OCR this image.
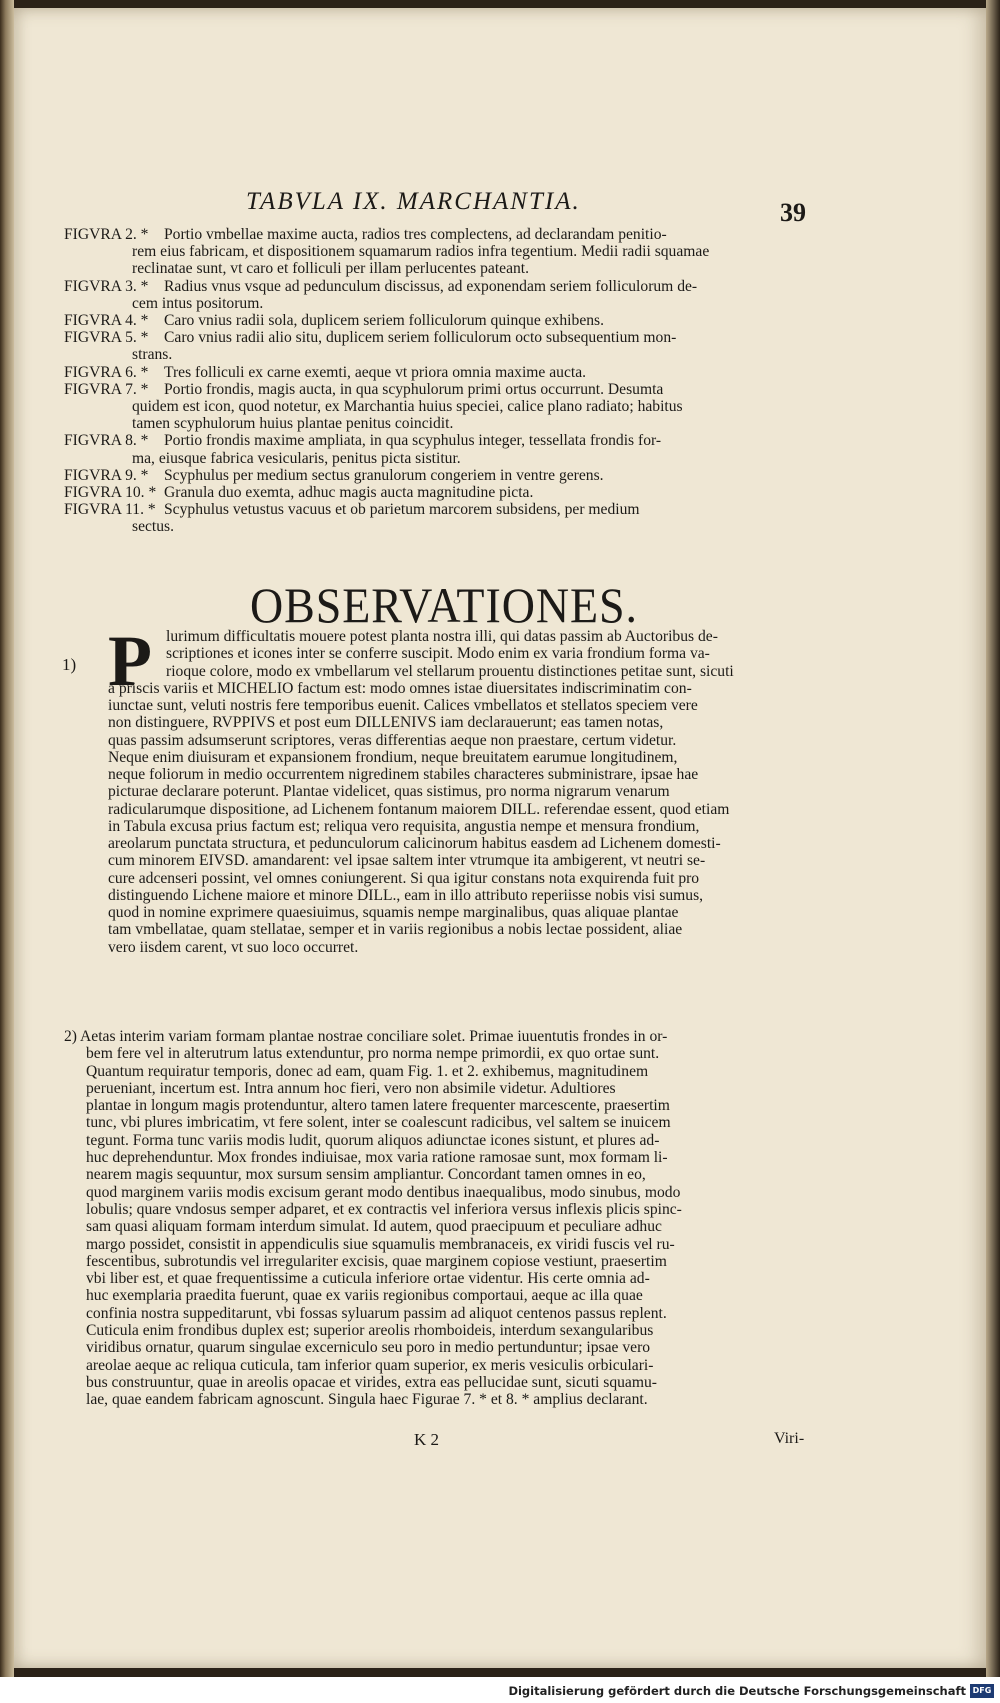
TABVLA IX. MARCHANTIA.	39
FIGVRA 2. * Portio vmbellae maxime aucta, radios tres complectens, ad declarandam penitio-
rem eius fabricam, et dispositionem squamarum radios infra tegentium. Medii radii squamae
reclinatae sunt, vt caro et folliculi per illam perlucentes pateant.
FIGVRA 3. * Radius vnus vsque ad pedunculum discissus, ad exponendam seriem folliculorum de-
cem intus positorum.
FIGVRA 4. * Caro vnius radii sola, duplicem seriem folliculorum quinque exhibens.
FIGVRA 5. * Caro vnius radii alio situ, duplicem seriem folliculorum octo subsequentium mon-
strans.
FIGVRA 6. * Tres folliculi ex carne exemti, aeque vt priora omnia maxime aucta.
FIGVRA 7. * Portio frondis, magis aucta, in qua scyphulorum primi ortus occurrunt. Desumta
quidem est icon, quod notetur, ex Marchantia huius speciei, calice plano radiato; habitus
tamen scyphulorum huius plantae penitus coincidit.
FIGVRA 8. * Portio frondis maxime ampliata, in qua scyphulus integer, tessellata frondis for-
ma, eiusque fabrica vesicularis, penitus picta sistitur.
FIGVRA 9. * Scyphulus per medium sectus granulorum congeriem in ventre gerens.
FIGVRA 10. * Granula duo exemta, adhuc magis aucta magnitudine picta.
FIGVRA 11. * Scyphulus vetustus vacuus et ob parietum marcorem subsidens, per medium
sectus.
OBSERVATIONES.
1) P lurimum difficultatis mouere potest planta nostra illi, qui datas passim ab Auctoribus de-
scriptiones et icones inter se conferre suscipit. Modo enim ex varia frondium forma va-
rioque colore, modo ex vmbellarum vel stellarum prouentu distinctiones petitae sunt, sicuti
a priscis variis et MICHELIO factum est: modo omnes istae diuersitates indiscriminatim con-
iunctae sunt, veluti nostris fere temporibus euenit. Calices vmbellatos et stellatos speciem vere
non distinguere, RVPPIVS et post eum DILLENIVS iam declarauerunt; eas tamen notas,
quas passim adsumserunt scriptores, veras differentias aeque non praestare, certum videtur.
Neque enim diuisuram et expansionem frondium, neque breuitatem earumue longitudinem,
neque foliorum in medio occurrentem nigredinem stabiles characteres subministrare, ipsae hae
picturae declarare poterunt. Plantae videlicet, quas sistimus, pro norma nigrarum venarum
radicularumque dispositione, ad Lichenem fontanum maiorem DILL. referendae essent, quod etiam
in Tabula excusa prius factum est; reliqua vero requisita, angustia nempe et mensura frondium,
areolarum punctata structura, et pedunculorum calicinorum habitus easdem ad Lichenem domesti-
cum minorem EIVSD. amandarent: vel ipsae saltem inter vtrumque ita ambigerent, vt neutri se-
cure adcenseri possint, vel omnes coniungerent. Si qua igitur constans nota exquirenda fuit pro
distinguendo Lichene maiore et minore DILL., eam in illo attributo reperiisse nobis visi sumus,
quod in nomine exprimere quaesiuimus, squamis nempe marginalibus, quas aliquae plantae
tam vmbellatae, quam stellatae, semper et in variis regionibus a nobis lectae possident, aliae
vero iisdem carent, vt suo loco occurret.
2) Aetas interim variam formam plantae nostrae conciliare solet. Primae iuuentutis frondes in or-
bem fere vel in alterutrum latus extenduntur, pro norma nempe primordii, ex quo ortae sunt.
Quantum requiratur temporis, donec ad eam, quam Fig. 1. et 2. exhibemus, magnitudinem
perueniant, incertum est. Intra annum hoc fieri, vero non absimile videtur. Adultiores
plantae in longum magis protenduntur, altero tamen latere frequenter marcescente, praesertim
tunc, vbi plures imbricatim, vt fere solent, inter se coalescunt radicibus, vel saltem se inuicem
tegunt. Forma tunc variis modis ludit, quorum aliquos adiunctae icones sistunt, et plures ad-
huc deprehenduntur. Mox frondes indiuisae, mox varia ratione ramosae sunt, mox formam li-
nearem magis sequuntur, mox sursum sensim ampliantur. Concordant tamen omnes in eo,
quod marginem variis modis excisum gerant modo dentibus inaequalibus, modo sinubus, modo
lobulis; quare vndosus semper adparet, et ex contractis vel inferiora versus inflexis plicis spinc-
sam quasi aliquam formam interdum simulat. Id autem, quod praecipuum et peculiare adhuc
margo possidet, consistit in appendiculis siue squamulis membranaceis, ex viridi fuscis vel ru-
fescentibus, subrotundis vel irregulariter excisis, quae marginem copiose vestiunt, praesertim
vbi liber est, et quae frequentissime a cuticula inferiore ortae videntur. His certe omnia ad-
huc exemplaria praedita fuerunt, quae ex variis regionibus comportaui, aeque ac illa quae
confinia nostra suppeditarunt, vbi fossas syluarum passim ad aliquot centenos passus replent.
Cuticula enim frondibus duplex est; superior areolis rhomboideis, interdum sexangularibus
viridibus ornatur, quarum singulae excerniculo seu poro in medio pertunduntur; ipsae vero
areolae aeque ac reliqua cuticula, tam inferior quam superior, ex meris vesiculis orbiculari-
bus construuntur, quae in areolis opacae et virides, extra eas pellucidae sunt, sicuti squamu-
lae, quae eandem fabricam agnoscunt. Singula haec Figurae 7. * et 8. * amplius declarant.
K 2	Viri-
Digitalisierung gefördert durch die Deutsche Forschungsgemeinschaft DFG
